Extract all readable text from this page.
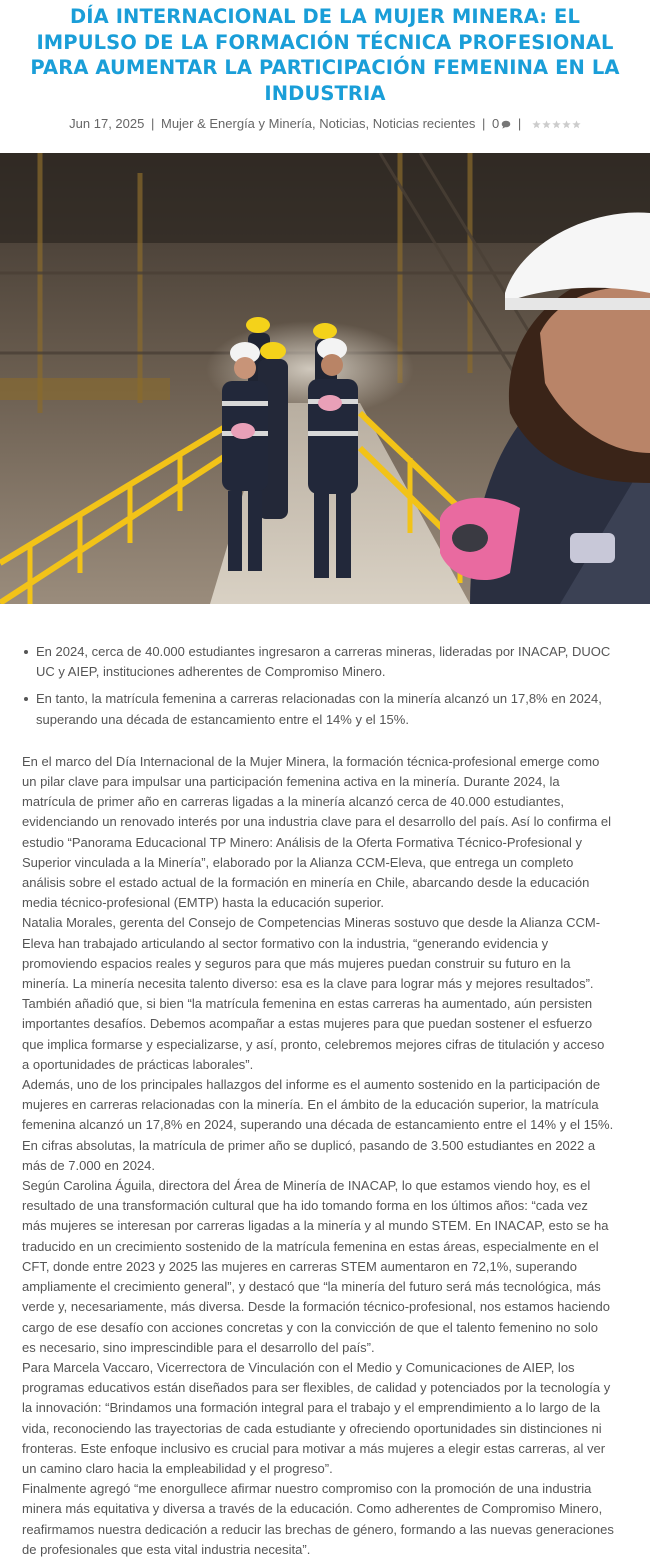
DÍA INTERNACIONAL DE LA MUJER MINERA: EL IMPULSO DE LA FORMACIÓN TÉCNICA PROFESIONAL PARA AUMENTAR LA PARTICIPACIÓN FEMENINA EN LA INDUSTRIA
Jun 17, 2025 | Mujer & Energía y Minería, Noticias, Noticias recientes | 0 |
En 2024, cerca de 40.000 estudiantes ingresaron a carreras mineras, lideradas por INACAP, DUOC UC y AIEP, instituciones adherentes de Compromiso Minero.
En tanto, la matrícula femenina a carreras relacionadas con la minería alcanzó un 17,8% en 2024, superando una década de estancamiento entre el 14% y el 15%.

En el marco del Día Internacional de la Mujer Minera, la formación técnica-profesional emerge como un pilar clave para impulsar una participación femenina activa en la minería. Durante 2024, la matrícula de primer año en carreras ligadas a la minería alcanzó cerca de 40.000 estudiantes, evidenciando un renovado interés por una industria clave para el desarrollo del país. Así lo confirma el estudio “Panorama Educacional TP Minero: Análisis de la Oferta Formativa Técnico-Profesional y Superior vinculada a la Minería”, elaborado por la Alianza CCM-Eleva, que entrega un completo análisis sobre el estado actual de la formación en minería en Chile, abarcando desde la educación media técnico-profesional (EMTP) hasta la educación superior.

Natalia Morales, gerenta del Consejo de Competencias Mineras sostuvo que desde la Alianza CCM-Eleva han trabajado articulando al sector formativo con la industria, “generando evidencia y promoviendo espacios reales y seguros para que más mujeres puedan construir su futuro en la minería. La minería necesita talento diverso: esa es la clave para lograr más y mejores resultados”. También añadió que, si bien “la matrícula femenina en estas carreras ha aumentado, aún persisten importantes desafíos. Debemos acompañar a estas mujeres para que puedan sostener el esfuerzo que implica formarse y especializarse, y así, pronto, celebremos mejores cifras de titulación y acceso a oportunidades de prácticas laborales”.

Además, uno de los principales hallazgos del informe es el aumento sostenido en la participación de mujeres en carreras relacionadas con la minería. En el ámbito de la educación superior, la matrícula femenina alcanzó un 17,8% en 2024, superando una década de estancamiento entre el 14% y el 15%. En cifras absolutas, la matrícula de primer año se duplicó, pasando de 3.500 estudiantes en 2022 a más de 7.000 en 2024.

Según Carolina Águila, directora del Área de Minería de INACAP, lo que estamos viendo hoy, es el resultado de una transformación cultural que ha ido tomando forma en los últimos años: “cada vez más mujeres se interesan por carreras ligadas a la minería y al mundo STEM. En INACAP, esto se ha traducido en un crecimiento sostenido de la matrícula femenina en estas áreas, especialmente en el CFT, donde entre 2023 y 2025 las mujeres en carreras STEM aumentaron en 72,1%, superando ampliamente el crecimiento general”, y destacó que “la minería del futuro será más tecnológica, más verde y, necesariamente, más diversa. Desde la formación técnico-profesional, nos estamos haciendo cargo de ese desafío con acciones concretas y con la convicción de que el talento femenino no solo es necesario, sino imprescindible para el desarrollo del país”.

Para Marcela Vaccaro, Vicerrectora de Vinculación con el Medio y Comunicaciones de AIEP, los programas educativos están diseñados para ser flexibles, de calidad y potenciados por la tecnología y la innovación: “Brindamos una formación integral para el trabajo y el emprendimiento a lo largo de la vida, reconociendo las trayectorias de cada estudiante y ofreciendo oportunidades sin distinciones ni fronteras. Este enfoque inclusivo es crucial para motivar a más mujeres a elegir estas carreras, al ver un camino claro hacia la empleabilidad y el progreso”.

Finalmente agregó “me enorgullece afirmar nuestro compromiso con la promoción de una industria minera más equitativa y diversa a través de la educación. Como adherentes de Compromiso Minero, reafirmamos nuestra dedicación a reducir las brechas de género, formando a las nuevas generaciones de profesionales que esta vital industria necesita”.
